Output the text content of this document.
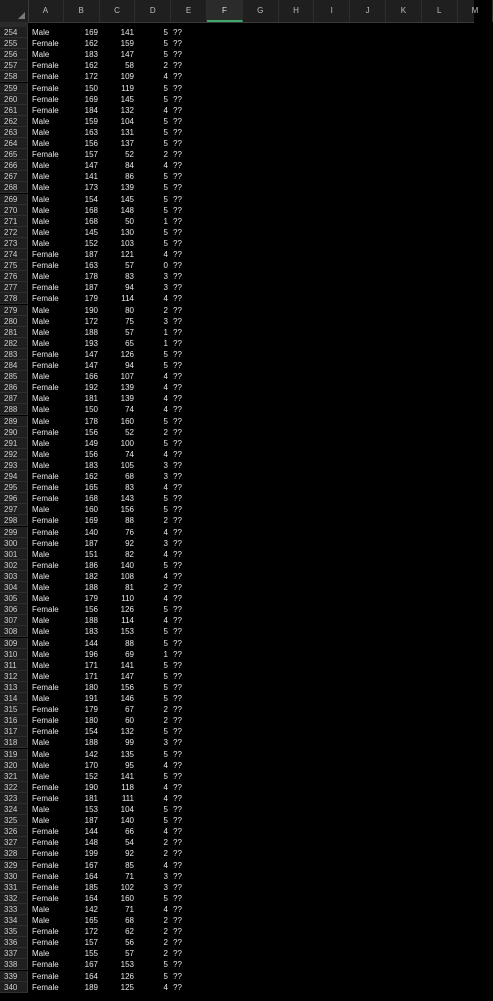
A	B	C	D	E	F	G	H	I	J	K	L	M
254	Male	169	141	5 ??
255	Female	162	159	5 ??
256	Male	183	147	5 ??
257	Female	162	58	2 ??
258	Female	172	109	4 ??
259	Female	150	119	5 ??
260	Female	169	145	5 ??
261	Female	184	132	4 ??
262	Male	159	104	5 ??
263	Male	163	131	5 ??
264	Male	156	137	5 ??
265	Female	157	52	2 ??
266	Male	147	84	4 ??
267	Male	141	86	5 ??
268	Male	173	139	5 ??
269	Male	154	145	5 ??
270	Male	168	148	5 ??
271	Male	168	50	1 ??
272	Male	145	130	5 ??
273	Male	152	103	5 ??
274	Female	187	121	4 ??
275	Female	163	57	0 ??
276	Male	178	83	3 ??
277	Female	187	94	3 ??
278	Female	179	114	4 ??
279	Male	190	80	2 ??
280	Male	172	75	3 ??
281	Male	188	57	1 ??
282	Male	193	65	1 ??
283	Female	147	126	5 ??
284	Female	147	94	5 ??
285	Male	166	107	4 ??
286	Female	192	139	4 ??
287	Male	181	139	4 ??
288	Male	150	74	4 ??
289	Male	178	160	5 ??
290	Female	156	52	2 ??
291	Male	149	100	5 ??
292	Male	156	74	4 ??
293	Male	183	105	3 ??
294	Female	162	68	3 ??
295	Female	165	83	4 ??
296	Female	168	143	5 ??
297	Male	160	156	5 ??
298	Female	169	88	2 ??
299	Female	140	76	4 ??
300	Female	187	92	3 ??
301	Male	151	82	4 ??
302	Female	186	140	5 ??
303	Male	182	108	4 ??
304	Male	188	81	2 ??
305	Male	179	110	4 ??
306	Female	156	126	5 ??
307	Male	188	114	4 ??
308	Male	183	153	5 ??
309	Male	144	88	5 ??
310	Male	196	69	1 ??
311	Male	171	141	5 ??
312	Male	171	147	5 ??
313	Female	180	156	5 ??
314	Male	191	146	5 ??
315	Female	179	67	2 ??
316	Female	180	60	2 ??
317	Female	154	132	5 ??
318	Male	188	99	3 ??
319	Male	142	135	5 ??
320	Male	170	95	4 ??
321	Male	152	141	5 ??
322	Female	190	118	4 ??
323	Female	181	111	4 ??
324	Male	153	104	5 ??
325	Male	187	140	5 ??
326	Female	144	66	4 ??
327	Female	148	54	2 ??
328	Female	199	92	2 ??
329	Female	167	85	4 ??
330	Female	164	71	3 ??
331	Female	185	102	3 ??
332	Female	164	160	5 ??
333	Male	142	71	4 ??
334	Male	165	68	2 ??
335	Female	172	62	2 ??
336	Female	157	56	2 ??
337	Male	155	57	2 ??
338	Female	167	153	5 ??
339	Female	164	126	5 ??
340	Female	189	125	4 ??
